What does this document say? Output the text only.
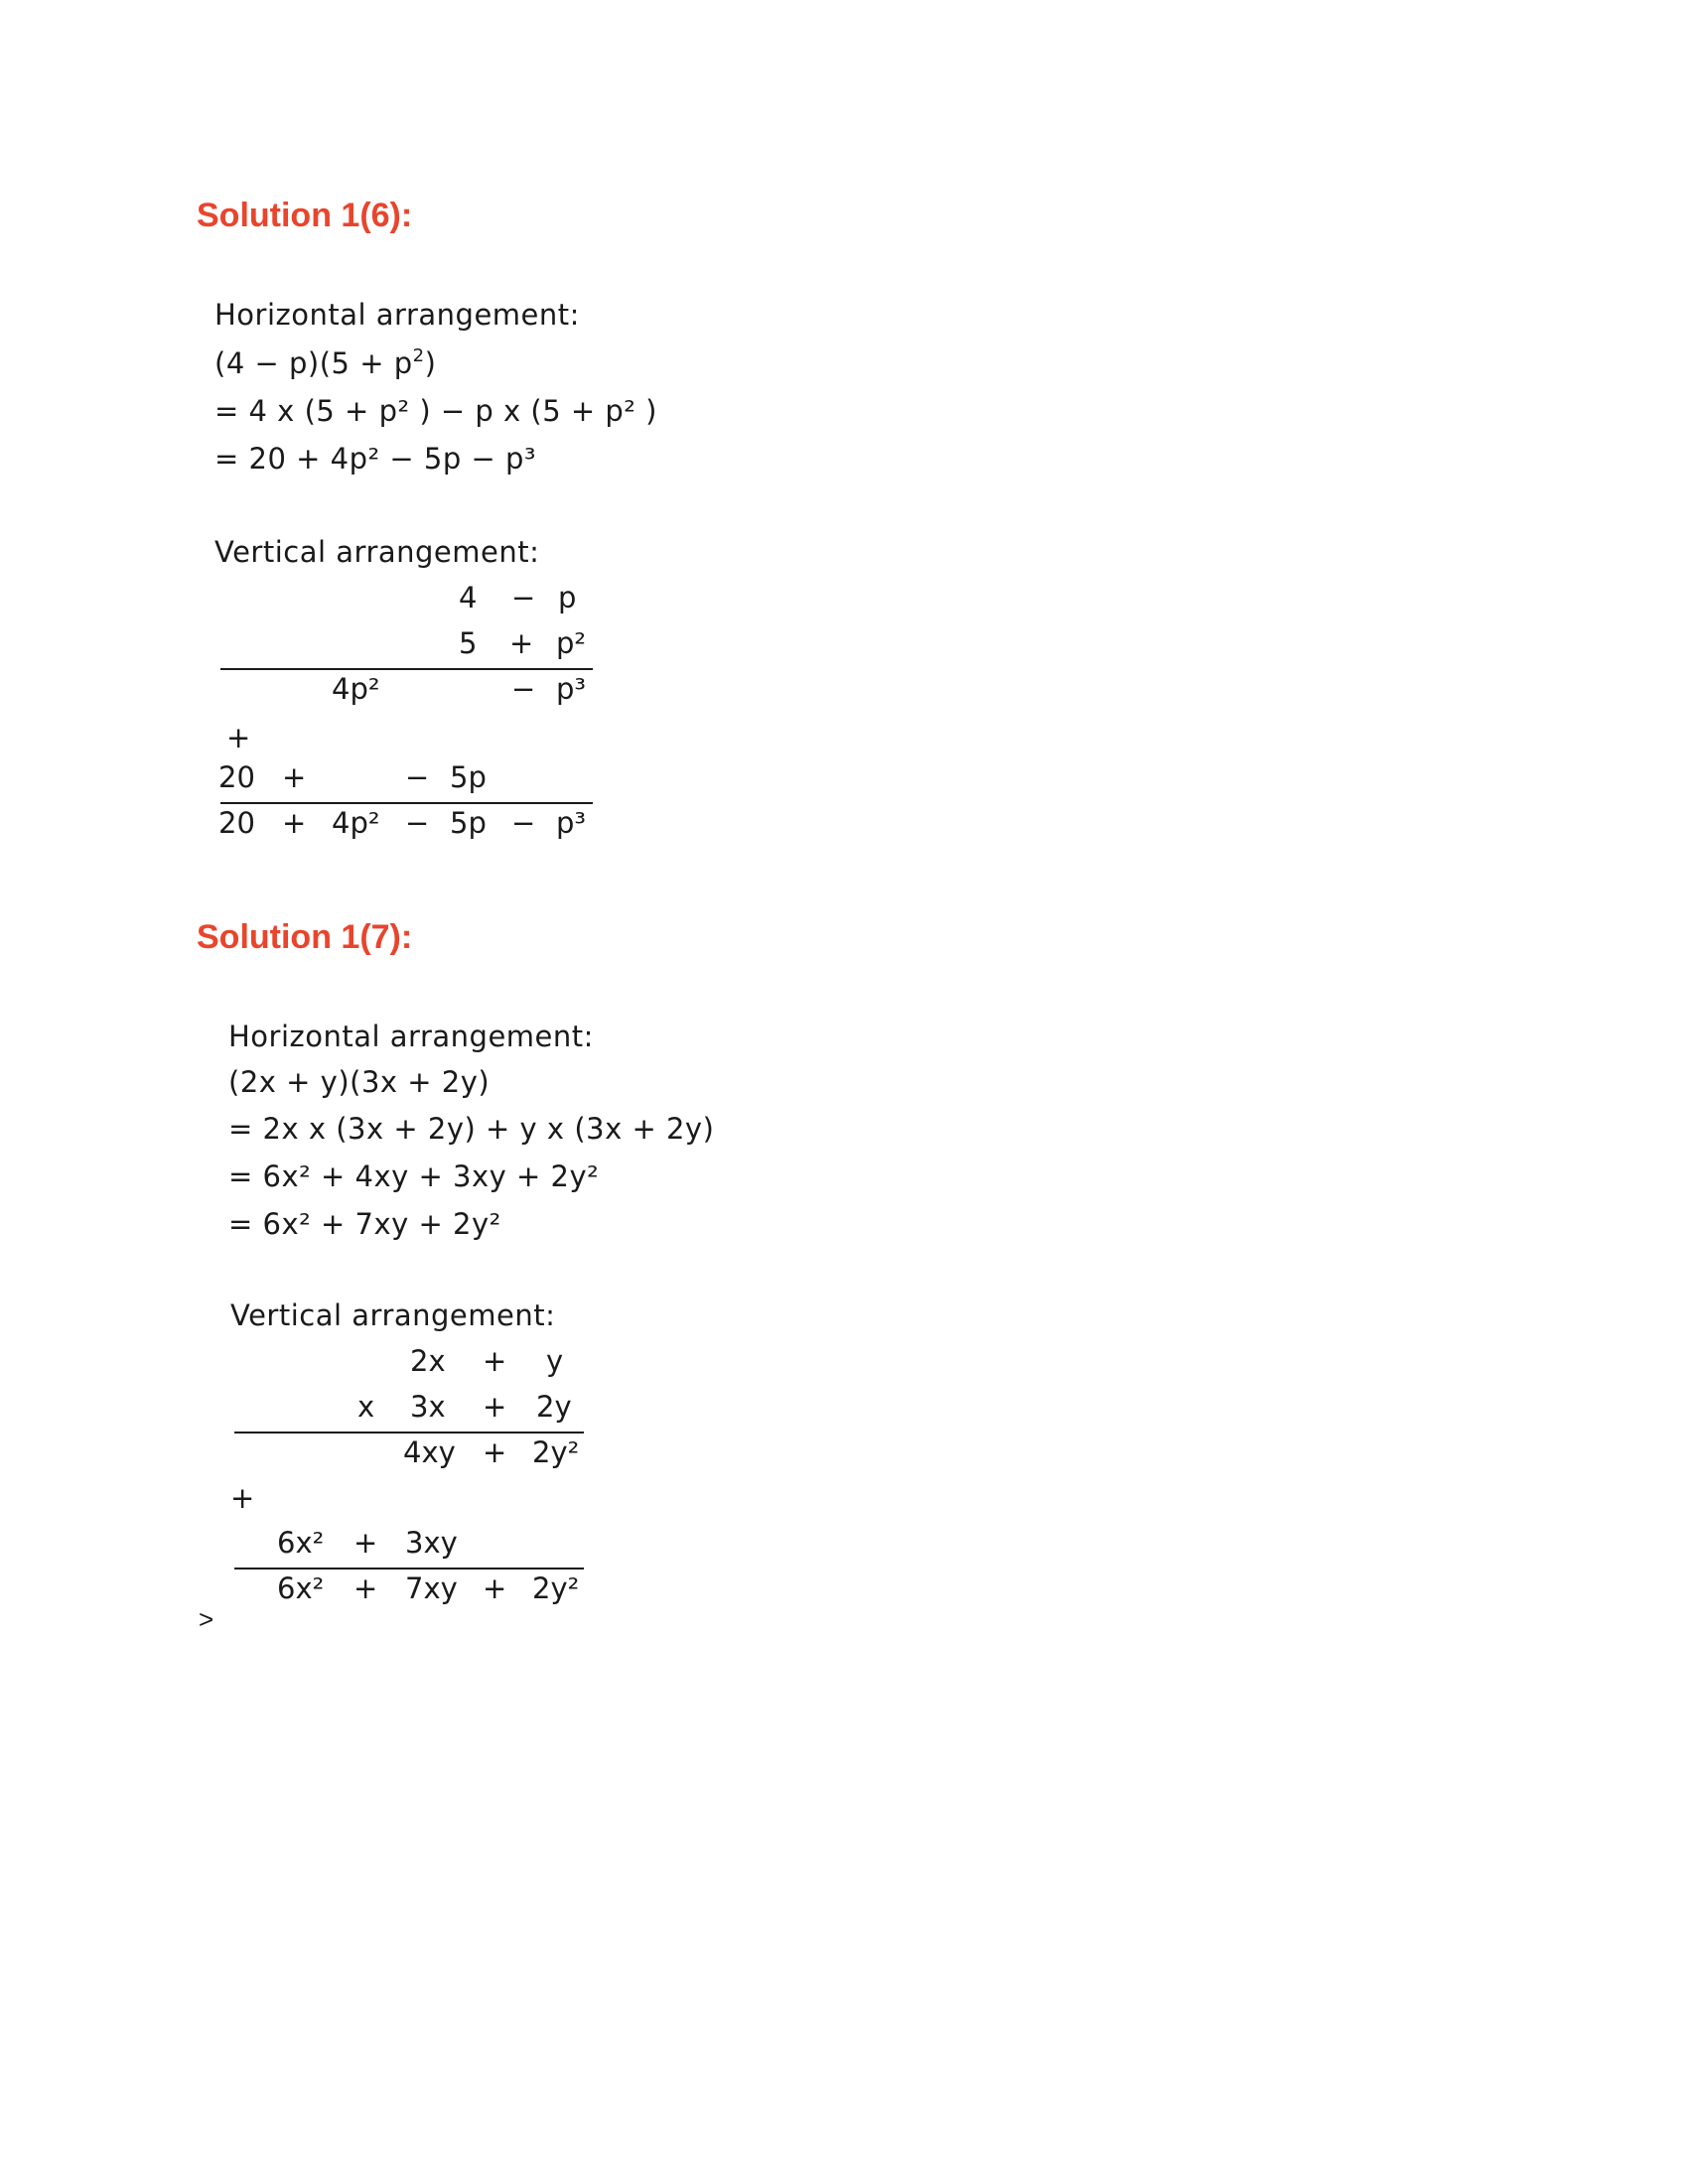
Solution 1(6):
Horizontal arrangement:
$(4 - p)(5 + p^2)$
= 4 x (5 + p² ) − p x (5 + p² )
= 20 + 4p² − 5p − p³
Vertical arrangement:
4 − p
5 + p²
4p²	− p³
+
20 +	− 5p
20 + 4p² − 5p − p³
Solution 1(7):
Horizontal arrangement:
(2x + y)(3x + 2y)
= 2x x (3x + 2y) + y x (3x + 2y)
= 6x² + 4xy + 3xy + 2y²
= 6x² + 7xy + 2y²
Vertical arrangement:
2x + y
x 3x + 2y
4xy + 2y²
+
6x² + 3xy
6x² + 7xy + 2y²
>
